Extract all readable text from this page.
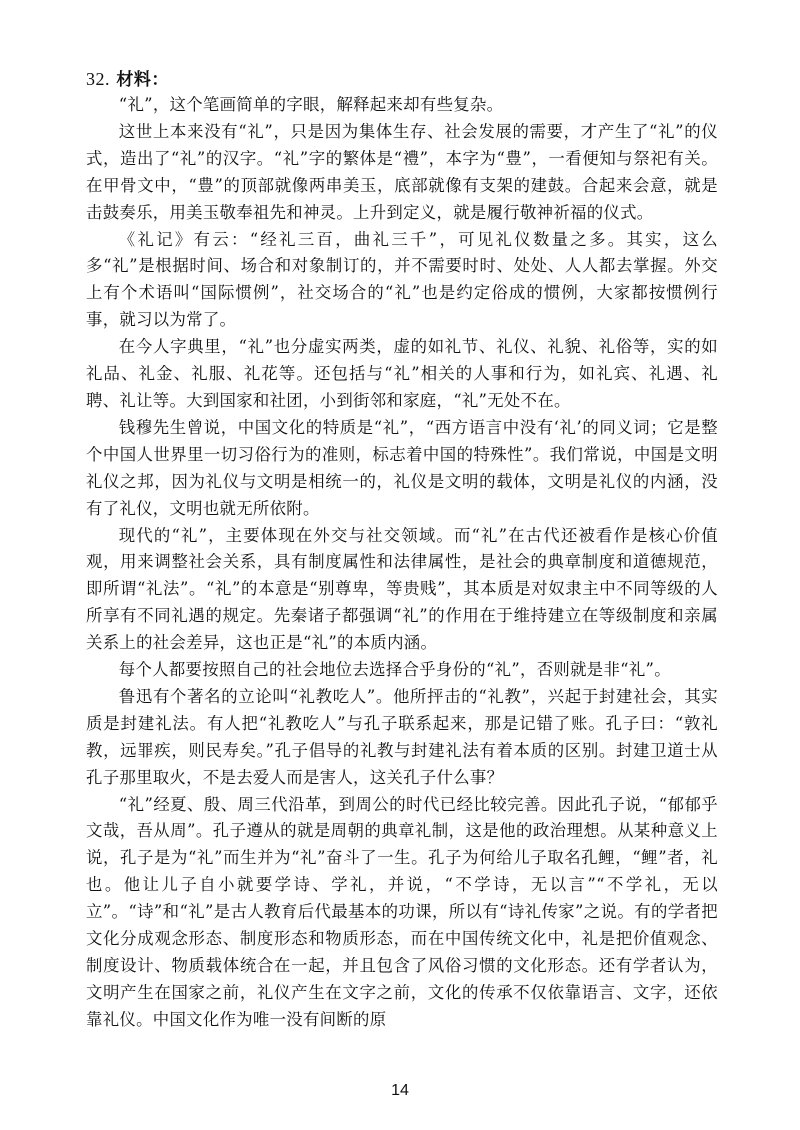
32. 材料：

“礼”，这个笔画简单的字眼，解释起来却有些复杂。

这世上本来没有“礼”，只是因为集体生存、社会发展的需要，才产生了“礼”的仪式，造出了“礼”的汉字。“礼”字的繁体是“禮”，本字为“豊”，一看便知与祭祀有关。在甲骨文中，“豊”的顶部就像两串美玉，底部就像有支架的建鼓。合起来会意，就是击鼓奏乐，用美玉敬奉祖先和神灵。上升到定义，就是履行敬神祈福的仪式。

《礼记》有云：“经礼三百，曲礼三千”，可见礼仪数量之多。其实，这么多“礼”是根据时间、场合和对象制订的，并不需要时时、处处、人人都去掌握。外交上有个术语叫“国际惯例”，社交场合的“礼”也是约定俗成的惯例，大家都按惯例行事，就习以为常了。

在今人字典里，“礼”也分虚实两类，虚的如礼节、礼仪、礼貌、礼俗等，实的如礼品、礼金、礼服、礼花等。还包括与“礼”相关的人事和行为，如礼宾、礼遇、礼聘、礼让等。大到国家和社团，小到街邻和家庭，“礼”无处不在。

钱穆先生曾说，中国文化的特质是“礼”，“西方语言中没有‘礼’的同义词；它是整个中国人世界里一切习俗行为的准则，标志着中国的特殊性”。我们常说，中国是文明礼仪之邦，因为礼仪与文明是相统一的，礼仪是文明的载体，文明是礼仪的内涵，没有了礼仪，文明也就无所依附。

现代的“礼”，主要体现在外交与社交领域。而“礼”在古代还被看作是核心价值观，用来调整社会关系，具有制度属性和法律属性，是社会的典章制度和道德规范，即所谓“礼法”。“礼”的本意是“别尊卑，等贵贱”，其本质是对奴隶主中不同等级的人所享有不同礼遇的规定。先秦诸子都强调“礼”的作用在于维持建立在等级制度和亲属关系上的社会差异，这也正是“礼”的本质内涵。

每个人都要按照自己的社会地位去选择合乎身份的“礼”，否则就是非“礼”。

鲁迅有个著名的立论叫“礼教吃人”。他所抨击的“礼教”，兴起于封建社会，其实质是封建礼法。有人把“礼教吃人”与孔子联系起来，那是记错了账。孔子曰：“敦礼教，远罪疾，则民寿矣。”孔子倡导的礼教与封建礼法有着本质的区别。封建卫道士从孔子那里取火，不是去爱人而是害人，这关孔子什么事？

“礼”经夏、殷、周三代沿革，到周公的时代已经比较完善。因此孔子说，“郁郁乎文哉，吾从周”。孔子遵从的就是周朝的典章礼制，这是他的政治理想。从某种意义上说，孔子是为“礼”而生并为“礼”奋斗了一生。孔子为何给儿子取名孔鲤，“鲤”者，礼也。他让儿子自小就要学诗、学礼，并说，“不学诗，无以言”“不学礼，无以立”。“诗”和“礼”是古人教育后代最基本的功课，所以有“诗礼传家”之说。有的学者把文化分成观念形态、制度形态和物质形态，而在中国传统文化中，礼是把价值观念、制度设计、物质载体统合在一起，并且包含了风俗习惯的文化形态。还有学者认为，文明产生在国家之前，礼仪产生在文字之前，文化的传承不仅依靠语言、文字，还依靠礼仪。中国文化作为唯一没有间断的原

14
